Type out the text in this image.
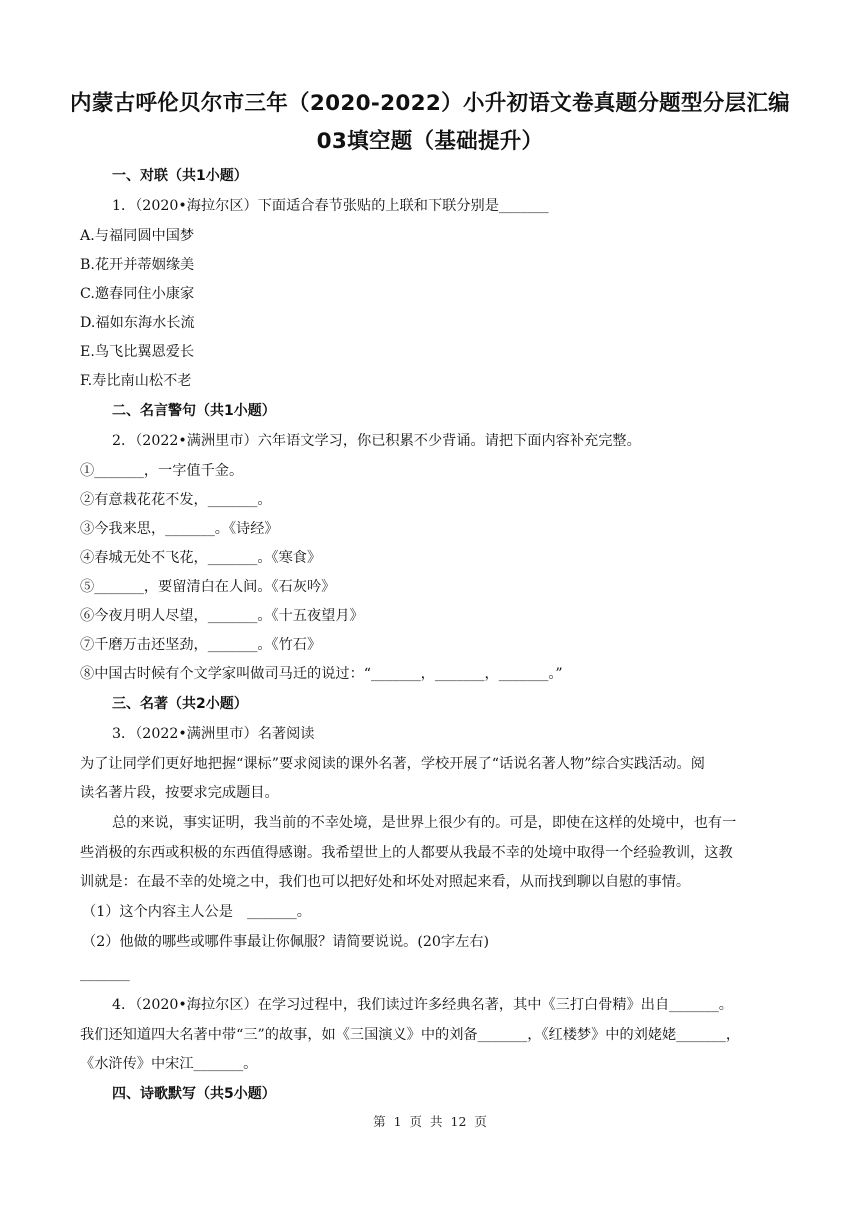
内蒙古呼伦贝尔市三年（2020-2022）小升初语文卷真题分题型分层汇编
03填空题（基础提升）
一、对联（共1小题）
1．（2020•海拉尔区）下面适合春节张贴的上联和下联分别是_______
A.与福同圆中国梦
B.花开并蒂姻缘美
C.邀春同住小康家
D.福如东海水长流
E.鸟飞比翼恩爱长
F.寿比南山松不老
二、名言警句（共1小题）
2．（2022•满洲里市）六年语文学习，你已积累不少背诵。请把下面内容补充完整。
①_______，一字值千金。
②有意栽花花不发，_______。
③今我来思，_______。《诗经》
④春城无处不飞花，_______。《寒食》
⑤_______，要留清白在人间。《石灰吟》
⑥今夜月明人尽望，_______。《十五夜望月》
⑦千磨万击还坚劲，_______。《竹石》
⑧中国古时候有个文学家叫做司马迁的说过：“_______，_______，_______。”
三、名著（共2小题）
3．（2022•满洲里市）名著阅读
为了让同学们更好地把握“课标”要求阅读的课外名著，学校开展了“话说名著人物”综合实践活动。阅
读名著片段，按要求完成题目。
总的来说，事实证明，我当前的不幸处境，是世界上很少有的。可是，即使在这样的处境中，也有一
些消极的东西或积极的东西值得感谢。我希望世上的人都要从我最不幸的处境中取得一个经验教训，这教
训就是：在最不幸的处境之中，我们也可以把好处和坏处对照起来看，从而找到聊以自慰的事情。
（1）这个内容主人公是　_______。
（2）他做的哪些或哪件事最让你佩服？请简要说说。(20字左右)
_______
4．（2020•海拉尔区）在学习过程中，我们读过许多经典名著，其中《三打白骨精》出自_______。
我们还知道四大名著中带“三”的故事，如《三国演义》中的刘备_______，《红楼梦》中的刘姥姥_______，
《水浒传》中宋江_______。
四、诗歌默写（共5小题）
第 1 页 共 12 页
